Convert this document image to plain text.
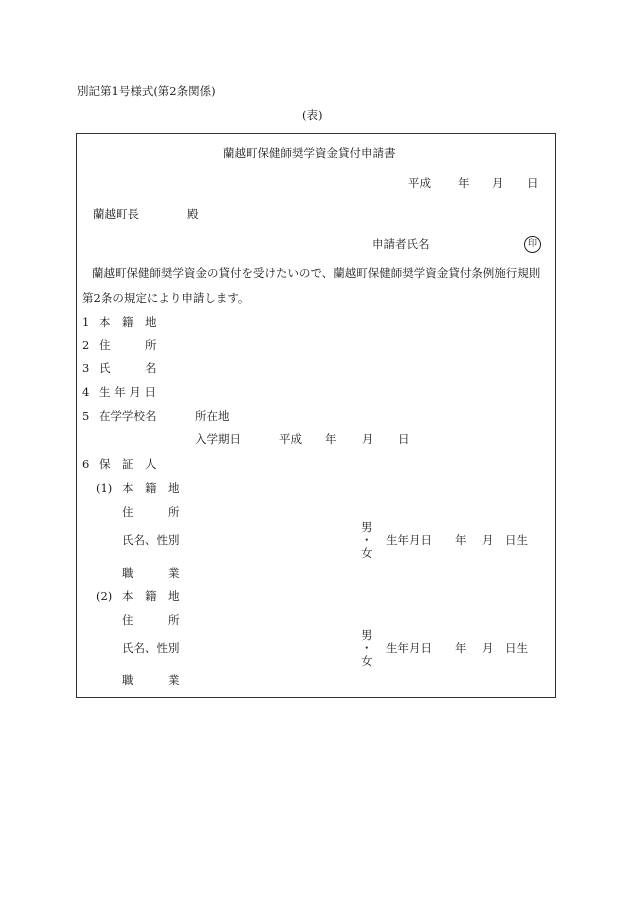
別記第1号様式(第2条関係)
(表)
蘭越町保健師奨学資金貸付申請書
平成 年 月 日
蘭越町長	殿
申請者氏名	印
蘭越町保健師奨学資金の貸付を受けたいので、蘭越町保健師奨学資金貸付条例施行規則
第2条の規定により申請します。
1 本　籍　地
2 住　　　所
3 氏　　　名
4 生 年 月 日
5 在学学校名	所在地
入学期日	平成 年 月 日
6 保　証　人
(1) 本　籍　地
住　　　所
氏名、性別
男
・
女
生年月日 年 月 日生
職　　　業
(2) 本　籍　地
住　　　所
氏名、性別
男
・
女
生年月日 年 月 日生
職　　　業
